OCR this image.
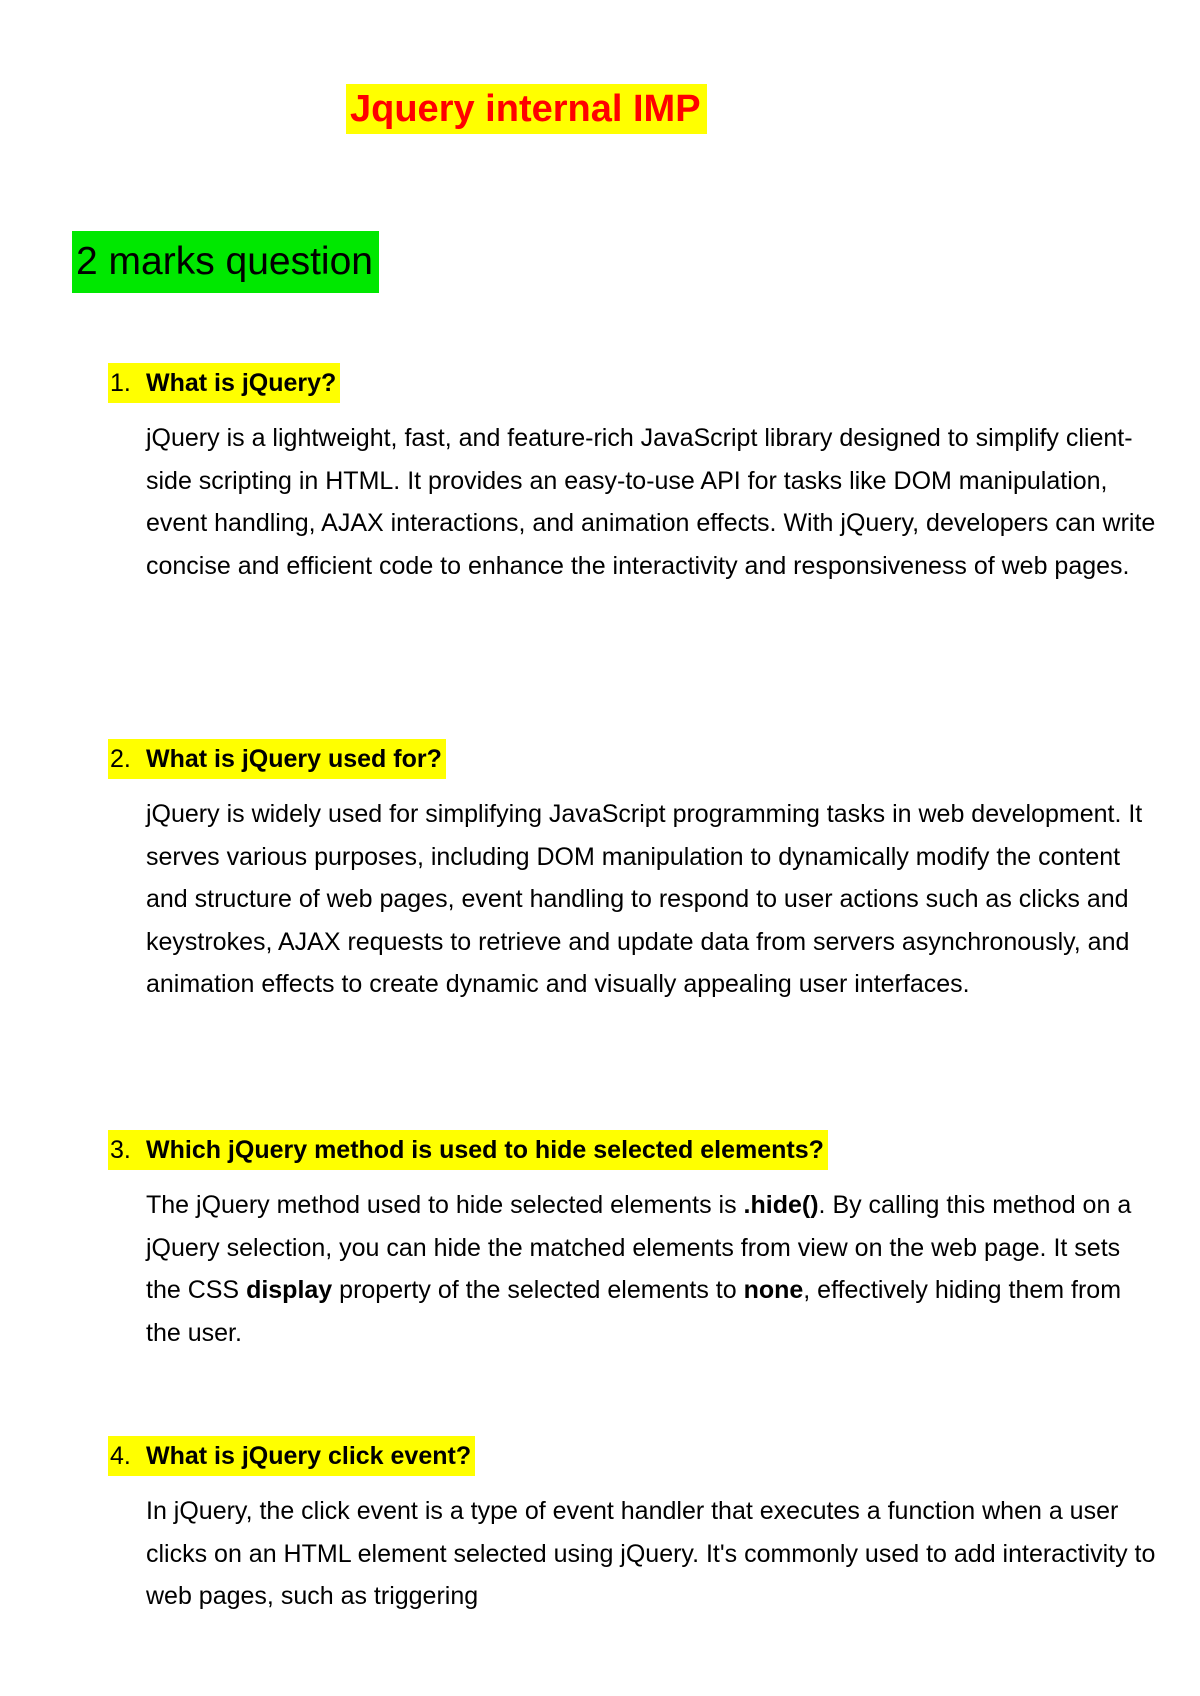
Jquery internal IMP
2 marks question
1. What is jQuery?
jQuery is a lightweight, fast, and feature-rich JavaScript library designed to simplify client-side scripting in HTML. It provides an easy-to-use API for tasks like DOM manipulation, event handling, AJAX interactions, and animation effects. With jQuery, developers can write concise and efficient code to enhance the interactivity and responsiveness of web pages.
2. What is jQuery used for?
jQuery is widely used for simplifying JavaScript programming tasks in web development. It serves various purposes, including DOM manipulation to dynamically modify the content and structure of web pages, event handling to respond to user actions such as clicks and keystrokes, AJAX requests to retrieve and update data from servers asynchronously, and animation effects to create dynamic and visually appealing user interfaces.
3. Which jQuery method is used to hide selected elements?
The jQuery method used to hide selected elements is .hide(). By calling this method on a jQuery selection, you can hide the matched elements from view on the web page. It sets the CSS display property of the selected elements to none, effectively hiding them from the user.
4. What is jQuery click event?
In jQuery, the click event is a type of event handler that executes a function when a user clicks on an HTML element selected using jQuery. It's commonly used to add interactivity to web pages, such as triggering
